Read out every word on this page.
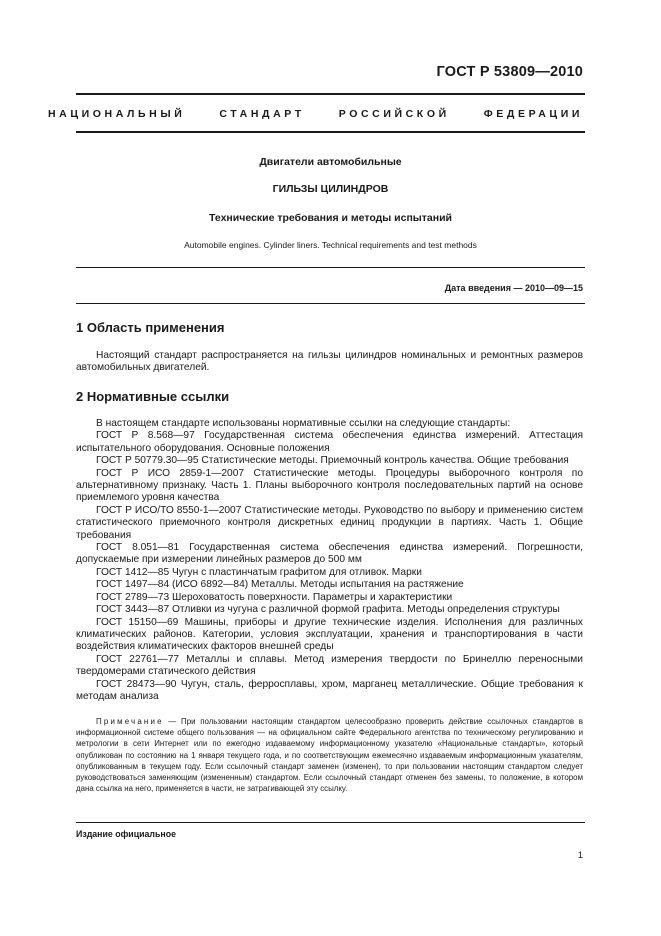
ГОСТ Р 53809—2010
НАЦИОНАЛЬНЫЙ СТАНДАРТ РОССИЙСКОЙ ФЕДЕРАЦИИ
Двигатели автомобильные
ГИЛЬЗЫ ЦИЛИНДРОВ
Технические требования и методы испытаний
Automobile engines. Cylinder liners. Technical requirements and test methods
Дата введения — 2010—09—15
1 Область применения

Настоящий стандарт распространяется на гильзы цилиндров номинальных и ремонтных размеров автомобильных двигателей.

2 Нормативные ссылки

В настоящем стандарте использованы нормативные ссылки на следующие стандарты:

ГОСТ Р 8.568—97 Государственная система обеспечения единства измерений. Аттестация испытательного оборудования. Основные положения

ГОСТ Р 50779.30—95 Статистические методы. Приемочный контроль качества. Общие требования

ГОСТ Р ИСО 2859-1—2007 Статистические методы. Процедуры выборочного контроля по альтернативному признаку. Часть 1. Планы выборочного контроля последовательных партий на основе приемлемого уровня качества

ГОСТ Р ИСО/ТО 8550-1—2007 Статистические методы. Руководство по выбору и применению систем статистического приемочного контроля дискретных единиц продукции в партиях. Часть 1. Общие требования

ГОСТ 8.051—81 Государственная система обеспечения единства измерений. Погрешности, допускаемые при измерении линейных размеров до 500 мм

ГОСТ 1412—85 Чугун с пластинчатым графитом для отливок. Марки

ГОСТ 1497—84 (ИСО 6892—84) Металлы. Методы испытания на растяжение

ГОСТ 2789—73 Шероховатость поверхности. Параметры и характеристики

ГОСТ 3443—87 Отливки из чугуна с различной формой графита. Методы определения структуры

ГОСТ 15150—69 Машины, приборы и другие технические изделия. Исполнения для различных климатических районов. Категории, условия эксплуатации, хранения и транспортирования в части воздействия климатических факторов внешней среды

ГОСТ 22761—77 Металлы и сплавы. Метод измерения твердости по Бринеллю переносными твердомерами статического действия

ГОСТ 28473—90 Чугун, сталь, ферросплавы, хром, марганец металлические. Общие требования к методам анализа

Примечание — При пользовании настоящим стандартом целесообразно проверить действие ссылочных стандартов в информационной системе общего пользования — на официальном сайте Федерального агентства по техническому регулированию и метрологии в сети Интернет или по ежегодно издаваемому информационному указателю «Национальные стандарты», который опубликован по состоянию на 1 января текущего года, и по соответствующим ежемесячно издаваемым информационным указателям, опубликованным в текущем году. Если ссылочный стандарт заменен (изменен), то при пользовании настоящим стандартом следует руководствоваться заменяющим (измененным) стандартом. Если ссылочный стандарт отменен без замены, то положение, в котором дана ссылка на него, применяется в части, не затрагивающей эту ссылку.

Издание официальное
1
